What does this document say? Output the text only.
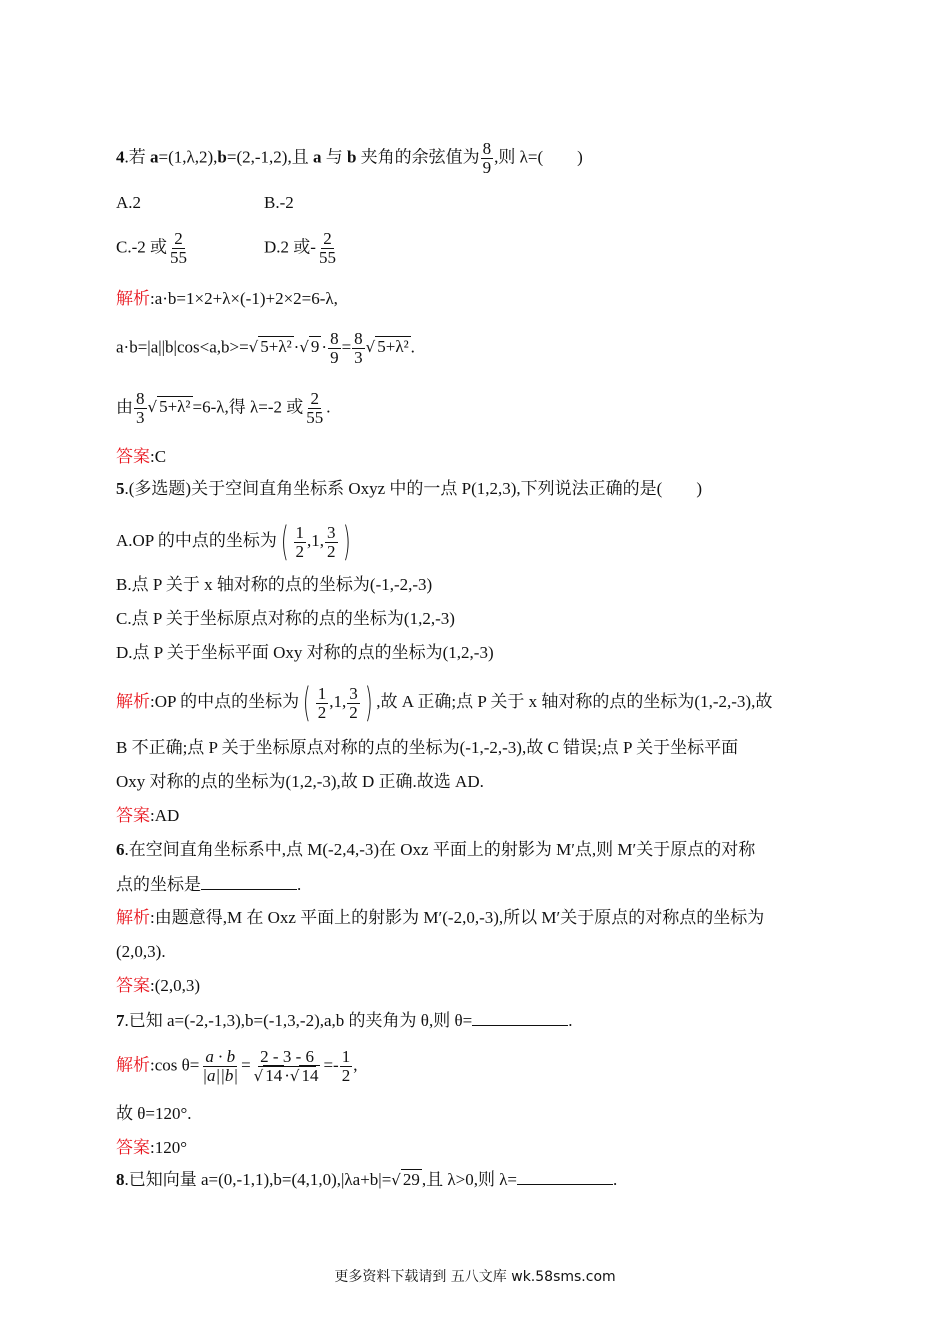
4.若 a=(1,λ,2),b=(2,-1,2),且 a 与 b 夹角的余弦值为 $\frac{8}{9}$ ,则 λ=( )
A.2	B.-2
C.-2 或 $\frac{2}{55}$	D.2 或- $\frac{2}{55}$
解析:a·b=1×2+λ×(-1)+2×2=6-λ,
a·b=|a||b|cos<a,b>=√ 5+λ² ·√ $9 \cdot \frac{8}{9} = \frac{8}{3}$ √ 5+λ² .
由 $\frac{8}{3}$ √ 5+λ² =6-λ,得 λ=-2 或 $\frac{2}{55}$ .
答案:C
5.(多选题)关于空间直角坐标系 Oxyz 中的一点 P(1,2,3),下列说法正确的是( )
A.OP 的中点的坐标为( $\frac{1}{2} ,1$, $\frac{3}{2}$ )
B.点 P 关于 x 轴对称的点的坐标为(-1,-2,-3)
C.点 P 关于坐标原点对称的点的坐标为(1,2,-3)
D.点 P 关于坐标平面 Oxy 对称的点的坐标为(1,2,-3)
解析:OP 的中点的坐标为( $\frac{1}{2} ,1$, $\frac{3}{2}$ ) ,故 A 正确;点 P 关于 x 轴对称的点的坐标为(1,-2,-3),故
B 不正确;点 P 关于坐标原点对称的点的坐标为(-1,-2,-3),故 C 错误;点 P 关于坐标平面
Oxy 对称的点的坐标为(1,2,-3),故 D 正确.故选 AD.
答案:AD
6.在空间直角坐标系中,点 M(-2,4,-3)在 Oxz 平面上的射影为 M′点,则 M′关于原点的对称
点的坐标是	.
解析:由题意得,M 在 Oxz 平面上的射影为 M′(-2,0,-3),所以 M′关于原点的对称点的坐标为
(2,0,3).
答案:(2,0,3)
7.已知 a=(-2,-1,3),b=(-1,3,-2),a,b 的夹角为 θ,则 θ=	.
解析:cos $\theta= \frac{a \cdot b}{|a||b|} = \frac{2 - 3 - 6}{√ 14 \cdot√ 14} =- \frac{1}{2}$ ,
故 θ=120°.
答案:120°
8.已知向量 a=(0,-1,1),b=(4,1,0),|λa+b|=√ 29 ,且 λ>0,则 λ=	.
更多资料下载请到 五八文库 wk.58sms.com
